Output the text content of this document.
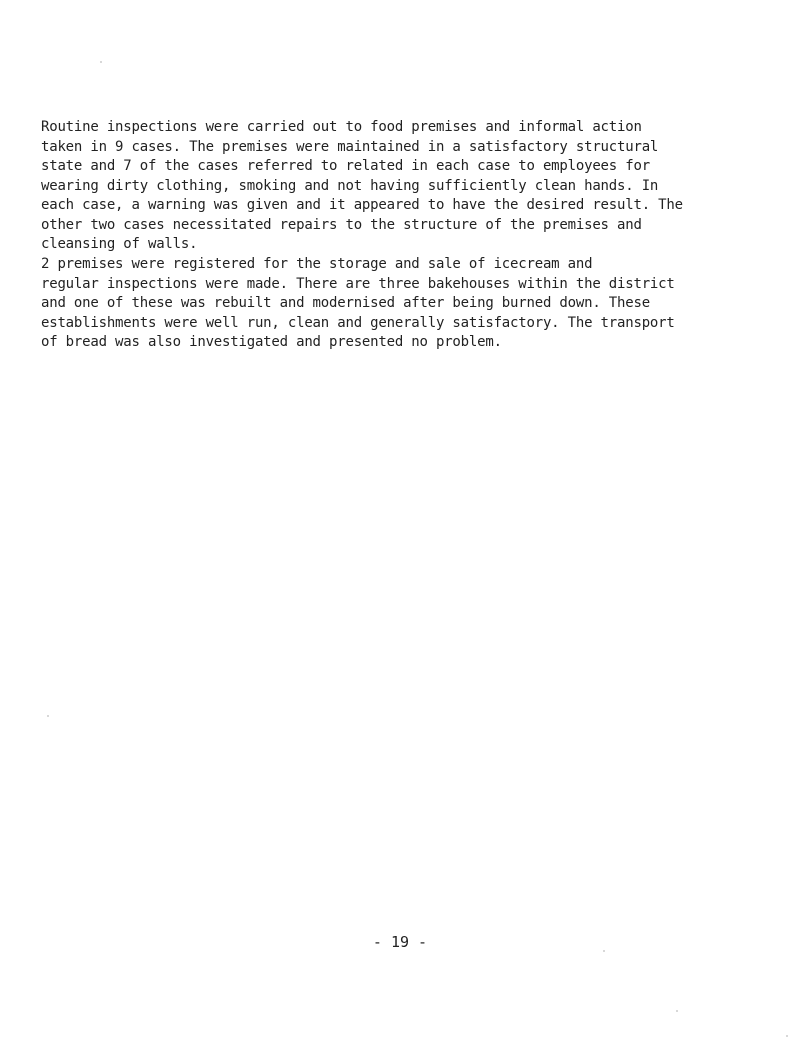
Routine inspections were carried out to food premises and informal action
taken in 9 cases. The premises were maintained in a satisfactory structural
state and 7 of the cases referred to related in each case to employees for
wearing dirty clothing, smoking and not having sufficiently clean hands. In
each case, a warning was given and it appeared to have the desired result. The
other two cases necessitated repairs to the structure of the premises and
cleansing of walls.

2 premises were registered for the storage and sale of icecream and
regular inspections were made. There are three bakehouses within the district
and one of these was rebuilt and modernised after being burned down. These
establishments were well run, clean and generally satisfactory. The transport
of bread was also investigated and presented no problem.

- 19 -
